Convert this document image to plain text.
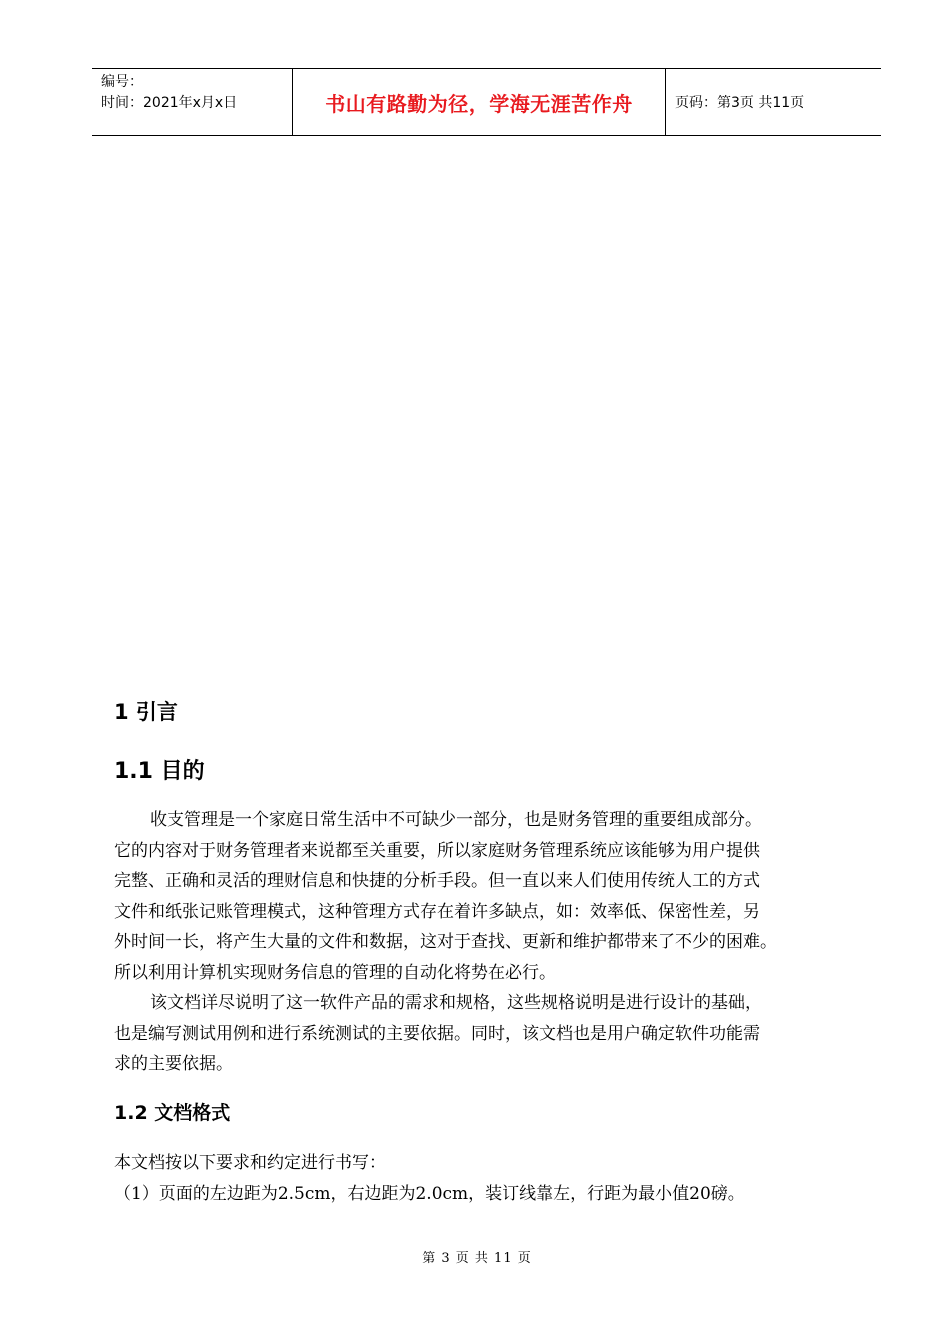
编号：
时间：2021年x月x日	书山有路勤为径，学海无涯苦作舟	页码：第3页 共11页
1 引言
1.1 目的
收支管理是一个家庭日常生活中不可缺少一部分，也是财务管理的重要组成部分。
它的内容对于财务管理者来说都至关重要，所以家庭财务管理系统应该能够为用户提供
完整、正确和灵活的理财信息和快捷的分析手段。但一直以来人们使用传统人工的方式
文件和纸张记账管理模式，这种管理方式存在着许多缺点，如：效率低、保密性差，另
外时间一长，将产生大量的文件和数据，这对于查找、更新和维护都带来了不少的困难。
所以利用计算机实现财务信息的管理的自动化将势在必行。
该文档详尽说明了这一软件产品的需求和规格，这些规格说明是进行设计的基础，
也是编写测试用例和进行系统测试的主要依据。同时，该文档也是用户确定软件功能需
求的主要依据。
1.2 文档格式
本文档按以下要求和约定进行书写：
（1）页面的左边距为2.5cm，右边距为2.0cm，装订线靠左，行距为最小值20磅。
第 3 页 共 11 页
